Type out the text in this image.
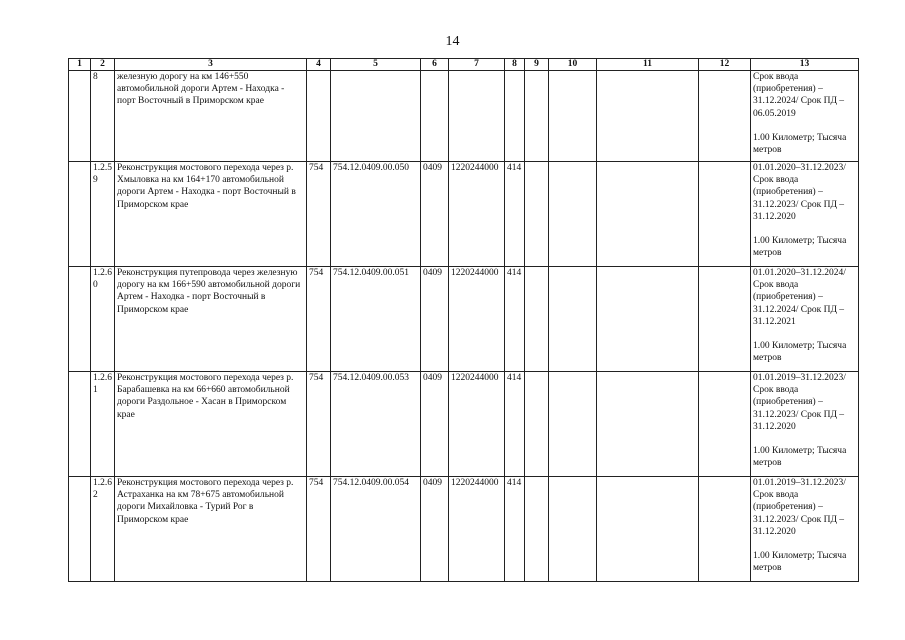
14
1	2	3	4	5	6	7	8	9	10	11	12	13
	8	железную дорогу на км 146+550 автомобильной дороги Артем - Находка - порт Восточный в Приморском крае										Срок ввода (приобретения) – 31.12.2024/ Срок ПД – 06.05.2019
1.00 Километр; Тысяча метров

	1.2.5 9	Реконструкция мостового перехода через р. Хмыловка на км 164+170 автомобильной дороги Артем - Находка - порт Восточный в Приморском крае	754	754.12.0409.00.050	0409	1220244000	414					01.01.2020–31.12.2023/ Срок ввода (приобретения) – 31.12.2023/ Срок ПД – 31.12.2020
1.00 Километр; Тысяча метров

	1.2.6 0	Реконструкция путепровода через железную дорогу на км 166+590 автомобильной дороги Артем - Находка - порт Восточный в Приморском крае	754	754.12.0409.00.051	0409	1220244000	414					01.01.2020–31.12.2024/ Срок ввода (приобретения) – 31.12.2024/ Срок ПД – 31.12.2021
1.00 Километр; Тысяча метров

	1.2.6 1	Реконструкция мостового перехода через р. Барабашевка на км 66+660 автомобильной дороги Раздольное - Хасан в Приморском крае	754	754.12.0409.00.053	0409	1220244000	414					01.01.2019–31.12.2023/ Срок ввода (приобретения) – 31.12.2023/ Срок ПД – 31.12.2020
1.00 Километр; Тысяча метров

	1.2.6 2	Реконструкция мостового перехода через р. Астраханка на км 78+675 автомобильной дороги Михайловка - Турий Рог в Приморском крае	754	754.12.0409.00.054	0409	1220244000	414					01.01.2019–31.12.2023/ Срок ввода (приобретения) – 31.12.2023/ Срок ПД – 31.12.2020
1.00 Километр; Тысяча метров
